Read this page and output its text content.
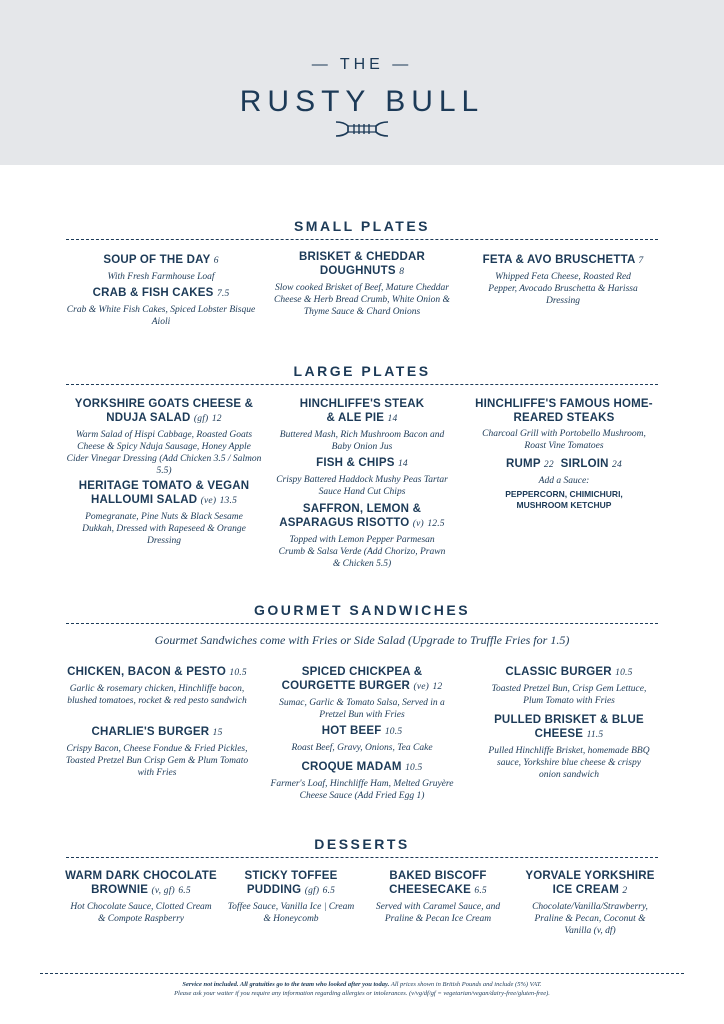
— THE —
RUSTY BULL
SMALL PLATES
SOUP OF THE DAY 6
With Fresh Farmhouse Loaf
CRAB & FISH CAKES 7.5
Crab & White Fish Cakes, Spiced Lobster Bisque Aioli
BRISKET & CHEDDAR DOUGHNUTS 8
Slow cooked Brisket of Beef, Mature Cheddar Cheese & Herb Bread Crumb, White Onion & Thyme Sauce & Chard Onions
FETA & AVO BRUSCHETTA 7
Whipped Feta Cheese, Roasted Red Pepper, Avocado Bruschetta & Harissa Dressing
LARGE PLATES
YORKSHIRE GOATS CHEESE & NDUJA SALAD (gf) 12
Warm Salad of Hispi Cabbage, Roasted Goats Cheese & Spicy Nduja Sausage, Honey Apple Cider Vinegar Dressing (Add Chicken 3.5 / Salmon 5.5)
HERITAGE TOMATO & VEGAN HALLOUMI SALAD (ve) 13.5
Pomegranate, Pine Nuts & Black Sesame Dukkah, Dressed with Rapeseed & Orange Dressing
HINCHLIFFE'S STEAK & ALE PIE 14
Buttered Mash, Rich Mushroom Bacon and Baby Onion Jus
FISH & CHIPS 14
Crispy Battered Haddock Mushy Peas Tartar Sauce Hand Cut Chips
SAFFRON, LEMON & ASPARAGUS RISOTTO (v) 12.5
Topped with Lemon Pepper Parmesan Crumb & Salsa Verde (Add Chorizo, Prawn & Chicken 5.5)
HINCHLIFFE'S FAMOUS HOME-REARED STEAKS
Charcoal Grill with Portobello Mushroom, Roast Vine Tomatoes
RUMP 22 SIRLOIN 24
Add a Sauce:
PEPPERCORN, CHIMICHURI, MUSHROOM KETCHUP
GOURMET SANDWICHES
Gourmet Sandwiches come with Fries or Side Salad (Upgrade to Truffle Fries for 1.5)
CHICKEN, BACON & PESTO 10.5
Garlic & rosemary chicken, Hinchliffe bacon, blushed tomatoes, rocket & red pesto sandwich
CHARLIE'S BURGER 15
Crispy Bacon, Cheese Fondue & Fried Pickles, Toasted Pretzel Bun Crisp Gem & Plum Tomato with Fries
SPICED CHICKPEA & COURGETTE BURGER (ve) 12
Sumac, Garlic & Tomato Salsa, Served in a Pretzel Bun with Fries
HOT BEEF 10.5
Roast Beef, Gravy, Onions, Tea Cake
CROQUE MADAM 10.5
Farmer's Loaf, Hinchliffe Ham, Melted Gruyère Cheese Sauce (Add Fried Egg 1)
CLASSIC BURGER 10.5
Toasted Pretzel Bun, Crisp Gem Lettuce, Plum Tomato with Fries
PULLED BRISKET & BLUE CHEESE 11.5
Pulled Hinchliffe Brisket, homemade BBQ sauce, Yorkshire blue cheese & crispy onion sandwich
DESSERTS
WARM DARK CHOCOLATE BROWNIE (v, gf) 6.5
Hot Chocolate Sauce, Clotted Cream & Compote Raspberry
STICKY TOFFEE PUDDING (gf) 6.5
Toffee Sauce, Vanilla Ice | Cream & Honeycomb
BAKED BISCOFF CHEESECAKE 6.5
Served with Caramel Sauce, and Praline & Pecan Ice Cream
YORVALE YORKSHIRE ICE CREAM 2
Chocolate/Vanilla/Strawberry, Praline & Pecan, Coconut & Vanilla (v, df)
Service not included. All gratuities go to the team who looked after you today. All prices shown in British Pounds and include (5%) VAT.
Please ask your waiter if you require any information regarding allergies or intolerances. (v/vg/df/gf = vegetarian/vegan/dairy-free/gluten-free).
